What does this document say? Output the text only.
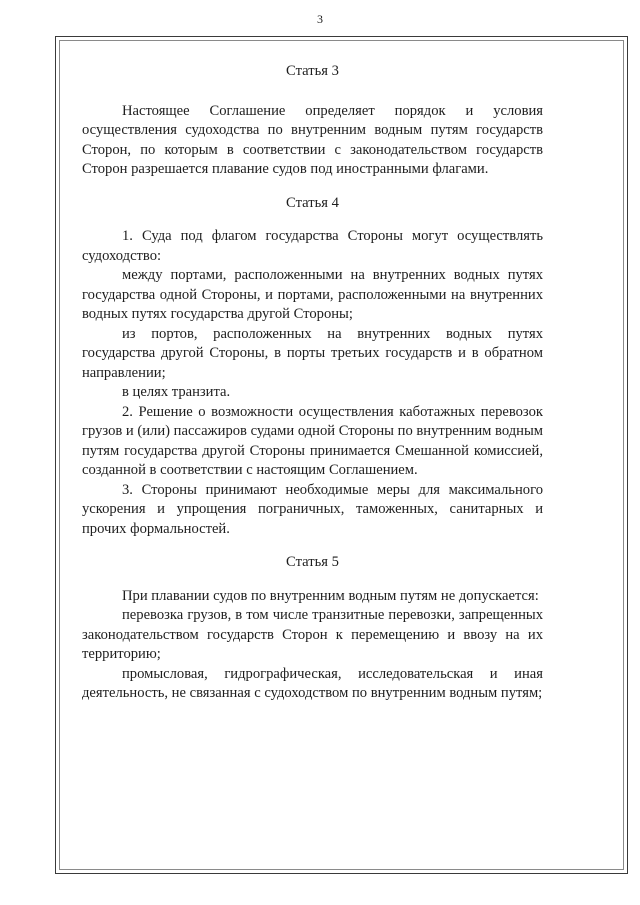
3
Статья 3

Настоящее Соглашение определяет порядок и условия осуществления судоходства по внутренним водным путям государств Сторон, по которым в соответствии с законодательством государств Сторон разрешается плавание судов под иностранными флагами.

Статья 4

1. Суда под флагом государства Стороны могут осуществлять судоходство:

между портами, расположенными на внутренних водных путях государства одной Стороны, и портами, расположенными на внутренних водных путях государства другой Стороны;

из портов, расположенных на внутренних водных путях государства другой Стороны, в порты третьих государств и в обратном направлении;

в целях транзита.

2. Решение о возможности осуществления каботажных перевозок грузов и (или) пассажиров судами одной Стороны по внутренним водным путям государства другой Стороны принимается Смешанной комиссией, созданной в соответствии с настоящим Соглашением.

3. Стороны принимают необходимые меры для максимального ускорения и упрощения пограничных, таможенных, санитарных и прочих формальностей.

Статья 5

При плавании судов по внутренним водным путям не допускается:

перевозка грузов, в том числе транзитные перевозки, запрещенных законодательством государств Сторон к перемещению и ввозу на их территорию;

промысловая, гидрографическая, исследовательская и иная деятельность, не связанная с судоходством по внутренним водным путям;
